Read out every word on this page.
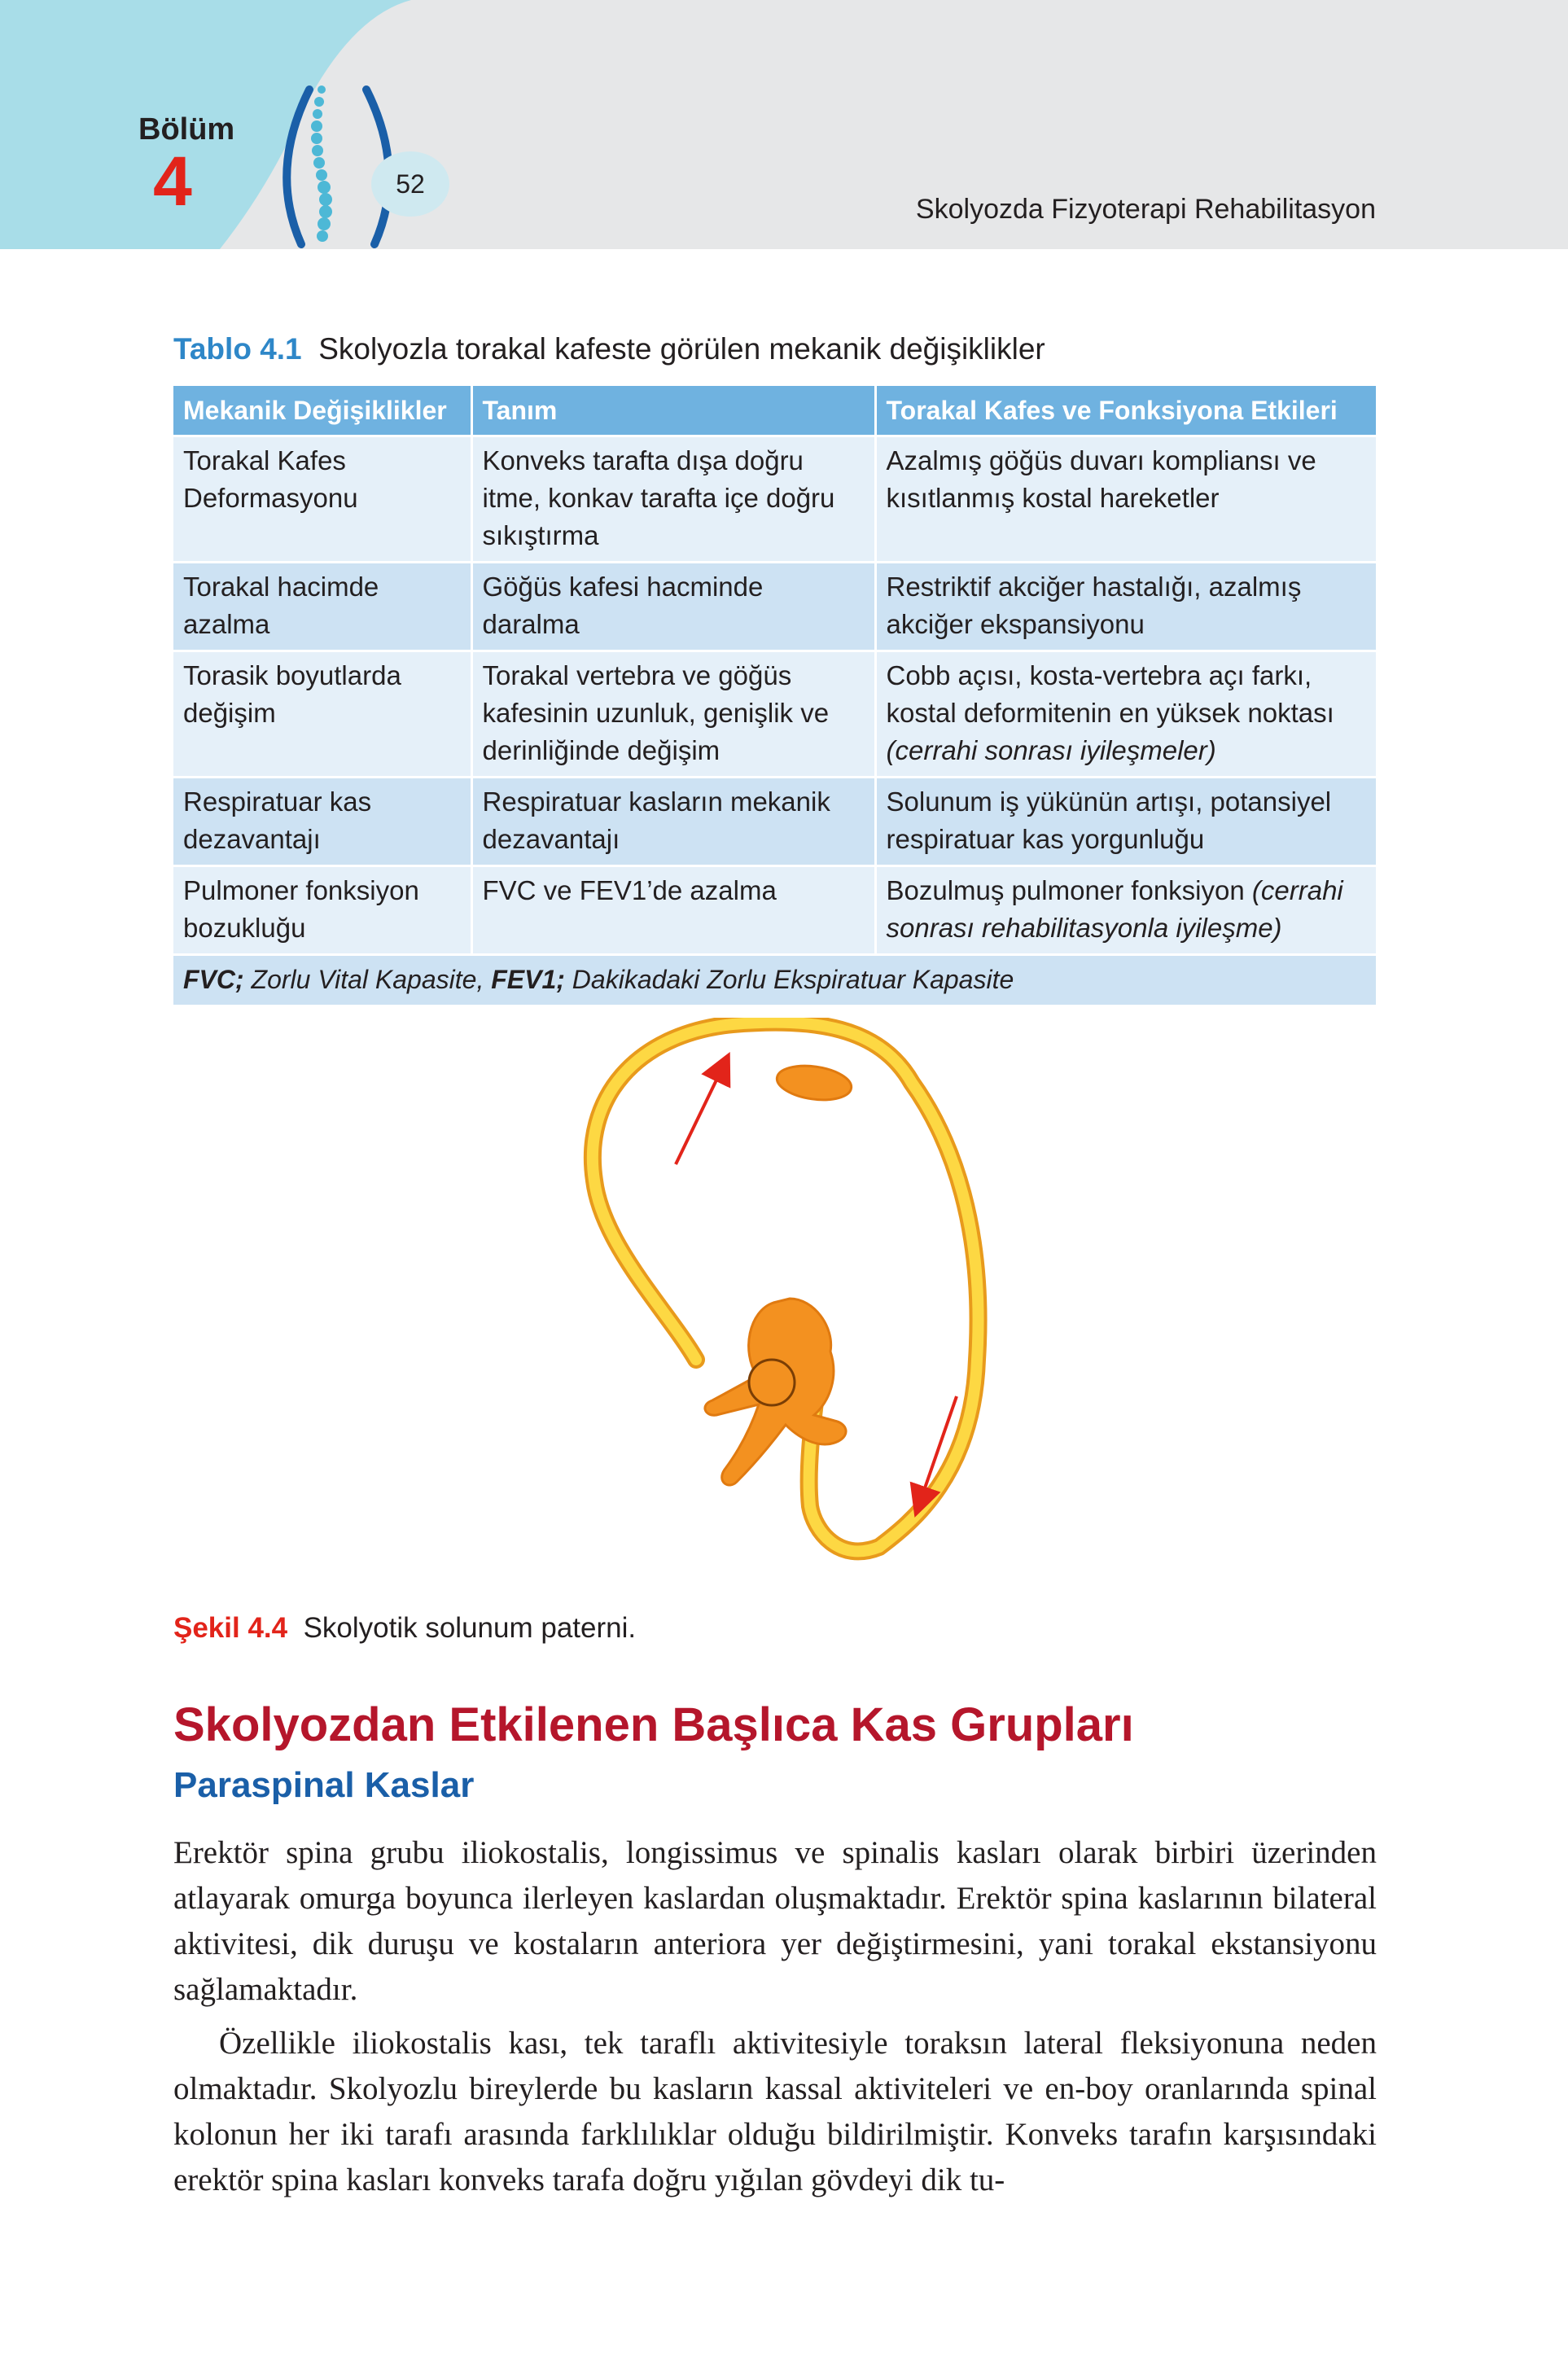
Bölüm
4	52
Skolyozda Fizyoterapi Rehabilitasyon
Tablo 4.1 Skolyozla torakal kafeste görülen mekanik değişiklikler
Mekanik Değişiklikler	Tanım	Torakal Kafes ve Fonksiyona Etkileri
Torakal Kafes Deformasyonu	Konveks tarafta dışa doğru itme, konkav tarafta içe doğru sıkıştırma	Azalmış göğüs duvarı kompliansı ve kısıtlanmış kostal hareketler
Torakal hacimde azalma	Göğüs kafesi hacminde daralma	Restriktif akciğer hastalığı, azalmış akciğer ekspansiyonu
Torasik boyutlarda değişim	Torakal vertebra ve göğüs kafesinin uzunluk, genişlik ve derinliğinde değişim	Cobb açısı, kosta-vertebra açı farkı, kostal deformitenin en yüksek noktası (cerrahi sonrası iyileşmeler)
Respiratuar kas dezavantajı	Respiratuar kasların mekanik dezavantajı	Solunum iş yükünün artışı, potansiyel respiratuar kas yorgunluğu
Pulmoner fonksiyon bozukluğu	FVC ve FEV1’de azalma	Bozulmuş pulmoner fonksiyon (cerrahi sonrası rehabilitasyonla iyileşme)
FVC; Zorlu Vital Kapasite, FEV1; Dakikadaki Zorlu Ekspiratuar Kapasite		
Şekil 4.4 Skolyotik solunum paterni.
Skolyozdan Etkilenen Başlıca Kas Grupları
Paraspinal Kaslar

Erektör spina grubu iliokostalis, longissimus ve spinalis kasları olarak birbiri üzerinden atlayarak omurga boyunca ilerleyen kaslardan oluşmaktadır. Erektör spina kaslarının bilateral aktivitesi, dik duruşu ve kostaların anteriora yer değiştirmesini, yani torakal ekstansiyonu sağlamaktadır.

Özellikle iliokostalis kası, tek taraflı aktivitesiyle toraksın lateral fleksiyonuna neden olmaktadır. Skolyozlu bireylerde bu kasların kassal aktiviteleri ve en-boy oranlarında spinal kolonun her iki tarafı arasında farklılıklar olduğu bildirilmiştir. Konveks tarafın karşısındaki erektör spina kasları konveks tarafa doğru yığılan gövdeyi dik tu-
